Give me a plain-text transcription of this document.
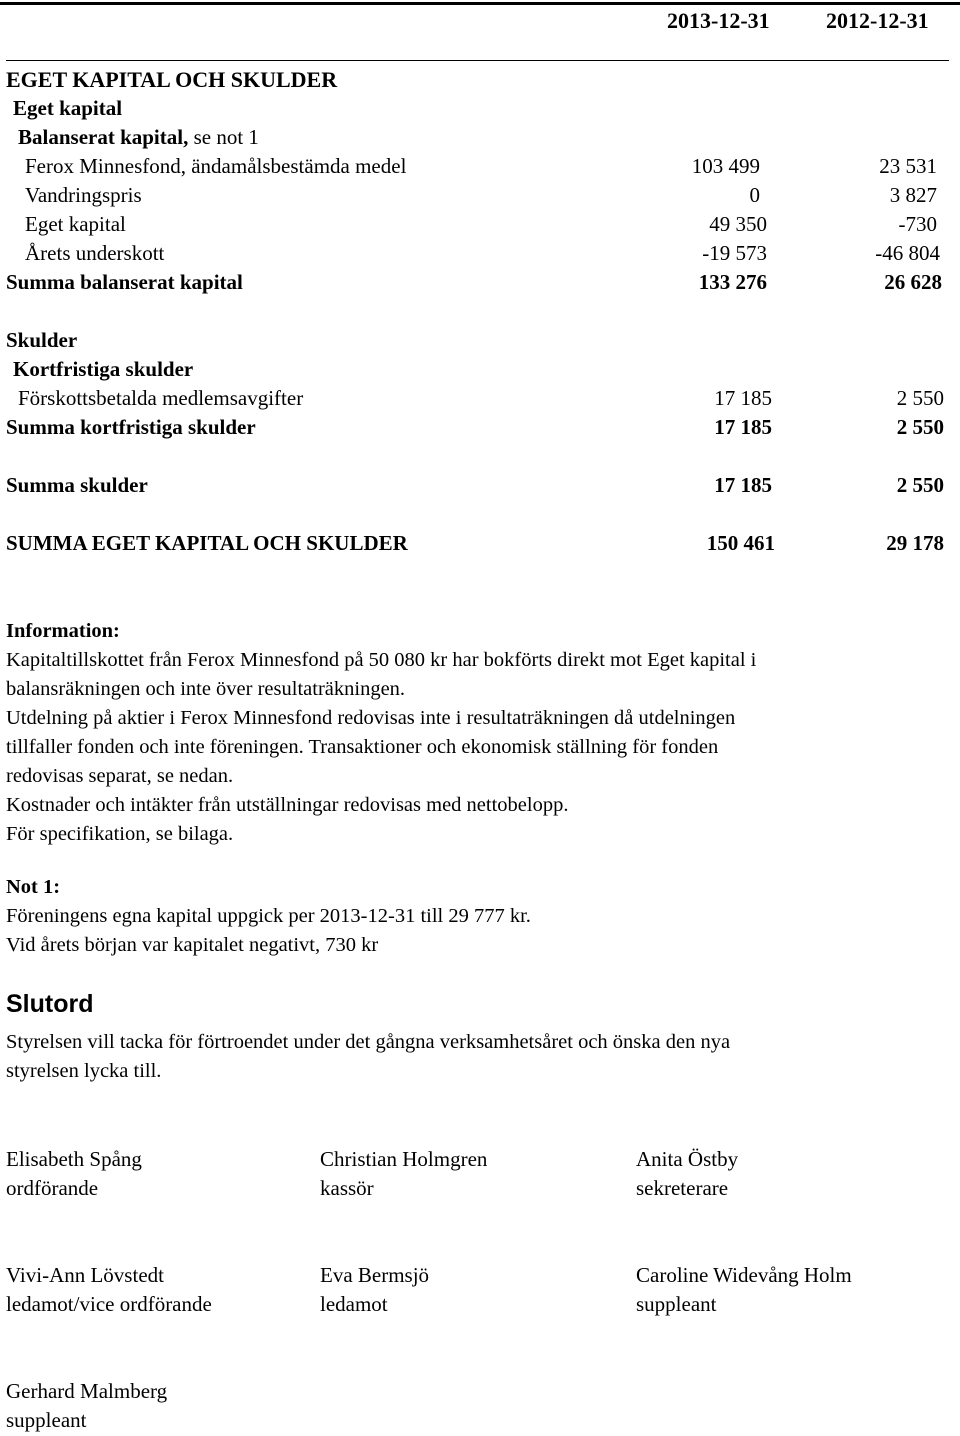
2013-12-31	2012-12-31
EGET KAPITAL OCH SKULDER
Eget kapital
Balanserat kapital, se not 1
Ferox Minnesfond, ändamålsbestämda medel	103 499	23 531
Vandringspris	0	3 827
Eget kapital	49 350	-730
Årets underskott	-19 573	-46 804
Summa balanserat kapital	133 276	26 628
Skulder
Kortfristiga skulder
Förskottsbetalda medlemsavgifter	17 185	2 550
Summa kortfristiga skulder	17 185	2 550
Summa skulder	17 185	2 550
SUMMA EGET KAPITAL OCH SKULDER	150 461	29 178
Information:
Kapitaltillskottet från Ferox Minnesfond på 50 080 kr har bokförts direkt mot Eget kapital i
balansräkningen och inte över resultaträkningen.
Utdelning på aktier i Ferox Minnesfond redovisas inte i resultaträkningen då utdelningen
tillfaller fonden och inte föreningen. Transaktioner och ekonomisk ställning för fonden
redovisas separat, se nedan.
Kostnader och intäkter från utställningar redovisas med nettobelopp.
För specifikation, se bilaga.
Not 1:
Föreningens egna kapital uppgick per 2013-12-31 till 29 777 kr.
Vid årets början var kapitalet negativt, 730 kr
Slutord
Styrelsen vill tacka för förtroendet under det gångna verksamhetsåret och önska den nya
styrelsen lycka till.
Elisabeth Spång
ordförande
Christian Holmgren
kassör
Anita Östby
sekreterare
Vivi-Ann Lövstedt
ledamot/vice ordförande
Eva Bermsjö
ledamot
Caroline Widevång Holm
suppleant
Gerhard Malmberg
suppleant
